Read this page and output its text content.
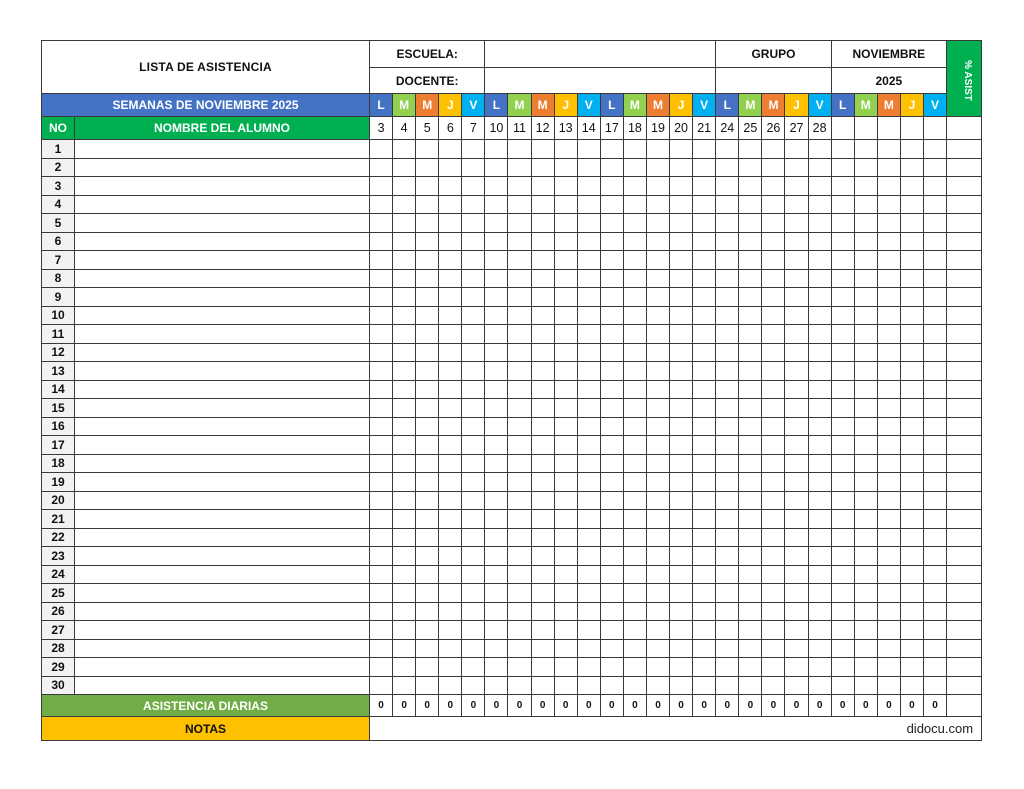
LISTA DE ASISTENCIA		ESCUELA:															GRUPO					NOVIEMBRE					% ASIST
		DOCENTE:																				2025					
SEMANAS DE NOVIEMBRE 2025		L	M	M	J	V	L	M	M	J	V	L	M	M	J	V	L	M	M	J	V	L	M	M	J	V	
NO	NOMBRE DEL ALUMNO	3	4	5	6	7	10	11	12	13	14	17	18	19	20	21	24	25	26	27	28						
1																											
2																											
3																											
4																											
5																											
6																											
7																											
8																											
9																											
10																											
11																											
12																											
13																											
14																											
15																											
16																											
17																											
18																											
19																											
20																											
21																											
22																											
23																											
24																											
25																											
26																											
27																											
28																											
29																											
30																											
ASISTENCIA DIARIAS		0	0	0	0	0	0	0	0	0	0	0	0	0	0	0	0	0	0	0	0	0	0	0	0	0	
NOTAS		didocu.com																									
